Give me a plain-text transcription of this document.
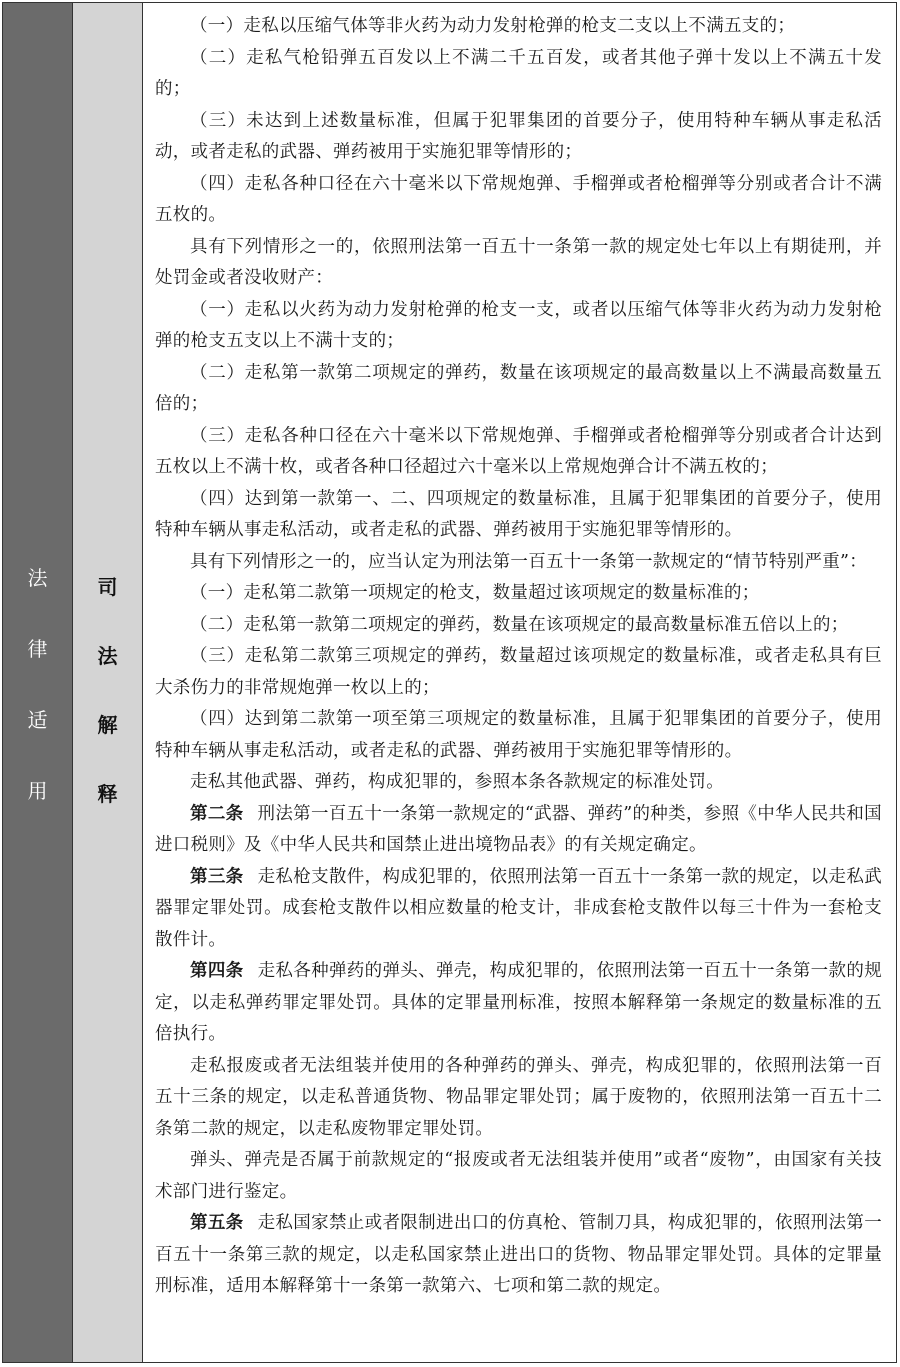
法
律
适
用
司
法
解
释

（一）走私以压缩气体等非火药为动力发射枪弹的枪支二支以上不满五支的；

（二）走私气枪铅弹五百发以上不满二千五百发，或者其他子弹十发以上不满五十发的；

（三）未达到上述数量标准，但属于犯罪集团的首要分子，使用特种车辆从事走私活动，或者走私的武器、弹药被用于实施犯罪等情形的；

（四）走私各种口径在六十毫米以下常规炮弹、手榴弹或者枪榴弹等分别或者合计不满五枚的。

具有下列情形之一的，依照刑法第一百五十一条第一款的规定处七年以上有期徒刑，并处罚金或者没收财产：

（一）走私以火药为动力发射枪弹的枪支一支，或者以压缩气体等非火药为动力发射枪弹的枪支五支以上不满十支的；

（二）走私第一款第二项规定的弹药，数量在该项规定的最高数量以上不满最高数量五倍的；

（三）走私各种口径在六十毫米以下常规炮弹、手榴弹或者枪榴弹等分别或者合计达到五枚以上不满十枚，或者各种口径超过六十毫米以上常规炮弹合计不满五枚的；

（四）达到第一款第一、二、四项规定的数量标准，且属于犯罪集团的首要分子，使用特种车辆从事走私活动，或者走私的武器、弹药被用于实施犯罪等情形的。

具有下列情形之一的，应当认定为刑法第一百五十一条第一款规定的“情节特别严重”：

（一）走私第二款第一项规定的枪支，数量超过该项规定的数量标准的；

（二）走私第一款第二项规定的弹药，数量在该项规定的最高数量标准五倍以上的；

（三）走私第二款第三项规定的弹药，数量超过该项规定的数量标准，或者走私具有巨大杀伤力的非常规炮弹一枚以上的；

（四）达到第二款第一项至第三项规定的数量标准，且属于犯罪集团的首要分子，使用特种车辆从事走私活动，或者走私的武器、弹药被用于实施犯罪等情形的。

走私其他武器、弹药，构成犯罪的，参照本条各款规定的标准处罚。

第二条 刑法第一百五十一条第一款规定的“武器、弹药”的种类，参照《中华人民共和国进口税则》及《中华人民共和国禁止进出境物品表》的有关规定确定。

第三条 走私枪支散件，构成犯罪的，依照刑法第一百五十一条第一款的规定，以走私武器罪定罪处罚。成套枪支散件以相应数量的枪支计，非成套枪支散件以每三十件为一套枪支散件计。

第四条 走私各种弹药的弹头、弹壳，构成犯罪的，依照刑法第一百五十一条第一款的规定，以走私弹药罪定罪处罚。具体的定罪量刑标准，按照本解释第一条规定的数量标准的五倍执行。

走私报废或者无法组装并使用的各种弹药的弹头、弹壳，构成犯罪的，依照刑法第一百五十三条的规定，以走私普通货物、物品罪定罪处罚；属于废物的，依照刑法第一百五十二条第二款的规定，以走私废物罪定罪处罚。

弹头、弹壳是否属于前款规定的“报废或者无法组装并使用”或者“废物”，由国家有关技术部门进行鉴定。

第五条 走私国家禁止或者限制进出口的仿真枪、管制刀具，构成犯罪的，依照刑法第一百五十一条第三款的规定，以走私国家禁止进出口的货物、物品罪定罪处罚。具体的定罪量刑标准，适用本解释第十一条第一款第六、七项和第二款的规定。
